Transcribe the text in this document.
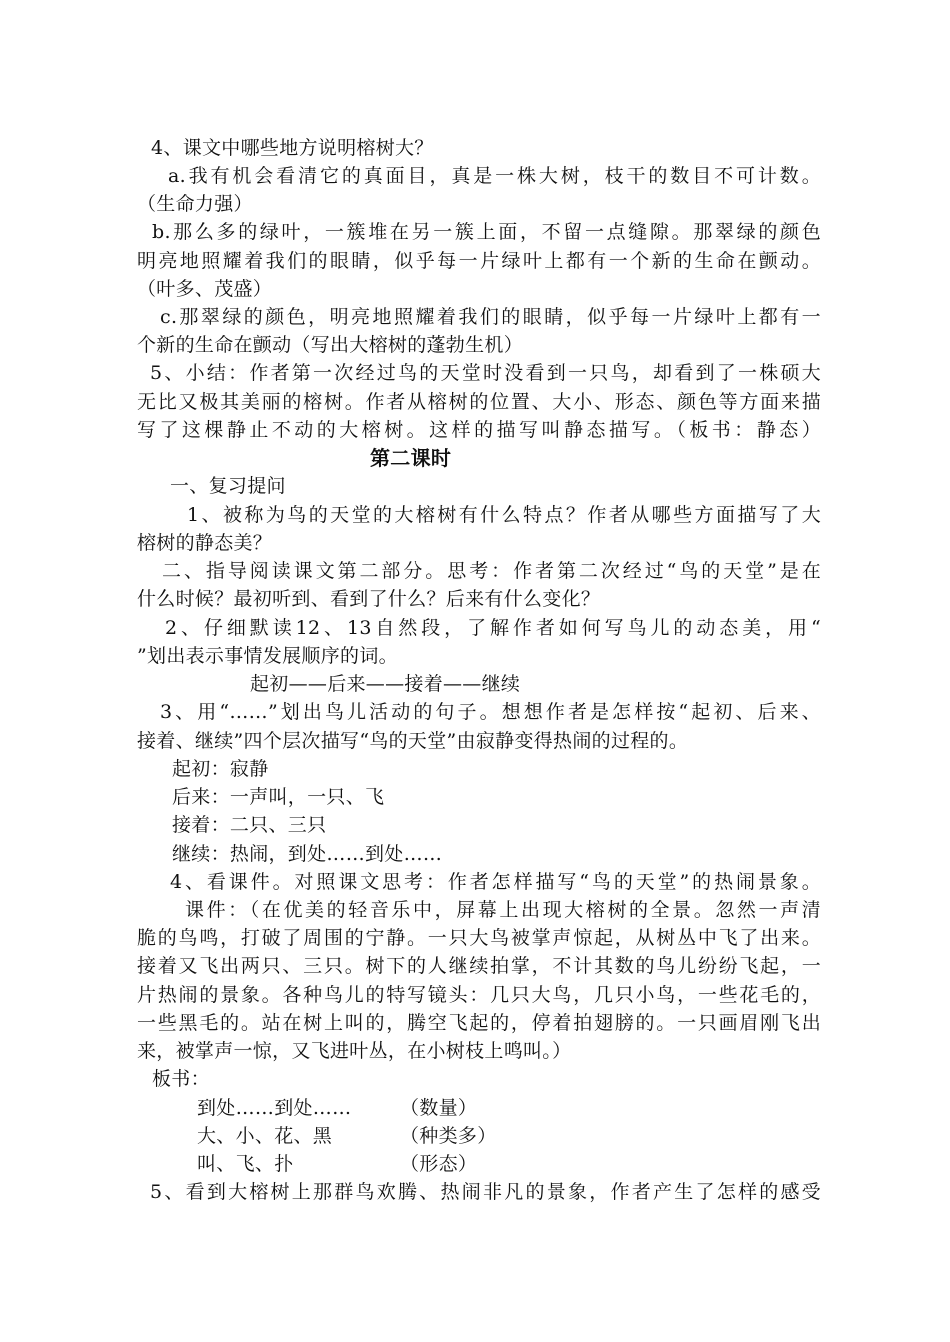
4、课文中哪些地方说明榕树大？
a.我有机会看清它的真面目，真是一株大树，枝干的数目不可计数。
（生命力强）
b.那么多的绿叶，一簇堆在另一簇上面，不留一点缝隙。那翠绿的颜色
明亮地照耀着我们的眼睛，似乎每一片绿叶上都有一个新的生命在颤动。
（叶多、茂盛）
c.那翠绿的颜色，明亮地照耀着我们的眼睛，似乎每一片绿叶上都有一
个新的生命在颤动（写出大榕树的蓬勃生机）
5、小结：作者第一次经过鸟的天堂时没看到一只鸟，却看到了一株硕大
无比又极其美丽的榕树。作者从榕树的位置、大小、形态、颜色等方面来描
写了这棵静止不动的大榕树。这样的描写叫静态描写。（板书：静态）
第二课时
一、复习提问
1、被称为鸟的天堂的大榕树有什么特点？作者从哪些方面描写了大
榕树的静态美？
二、指导阅读课文第二部分。思考：作者第二次经过“鸟的天堂”是在
什么时候？最初听到、看到了什么？后来有什么变化？
2、仔细默读12、13自然段，了解作者如何写鸟儿的动态美，用“
”划出表示事情发展顺序的词。
起初——后来——接着——继续
3、用“……”划出鸟儿活动的句子。想想作者是怎样按“起初、后来、
接着、继续”四个层次描写“鸟的天堂”由寂静变得热闹的过程的。
起初：寂静
后来：一声叫，一只、飞
接着：二只、三只
继续：热闹，到处……到处……
4、看课件。对照课文思考：作者怎样描写“鸟的天堂”的热闹景象。
课件：（在优美的轻音乐中，屏幕上出现大榕树的全景。忽然一声清
脆的鸟鸣，打破了周围的宁静。一只大鸟被掌声惊起，从树丛中飞了出来。
接着又飞出两只、三只。树下的人继续拍掌，不计其数的鸟儿纷纷飞起，一
片热闹的景象。各种鸟儿的特写镜头：几只大鸟，几只小鸟，一些花毛的，
一些黑毛的。站在树上叫的，腾空飞起的，停着拍翅膀的。一只画眉刚飞出
来，被掌声一惊，又飞进叶丛，在小树枝上鸣叫。）
板书：
到处……到处……	（数量）
大、小、花、黑	（种类多）
叫、飞、扑	（形态）
5、看到大榕树上那群鸟欢腾、热闹非凡的景象，作者产生了怎样的感受
